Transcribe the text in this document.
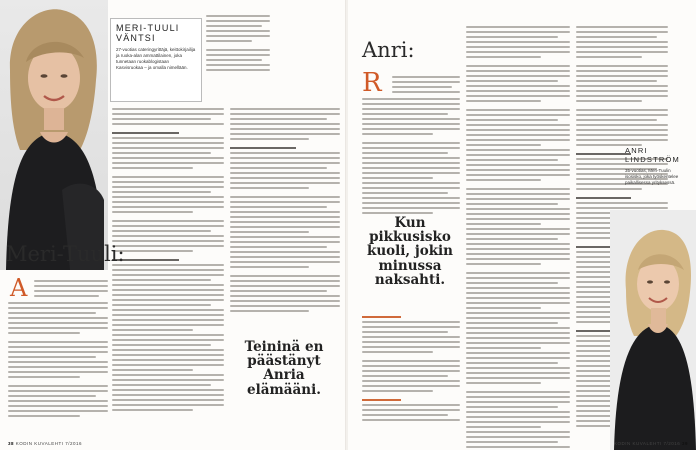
MERI-TUULI VÄNTSI
27-vuotias cateringyrittäjä, keittokirjailija ja ruoka-alan ammattilainen, joka tunnetaan ruokablogistaan Kasvisruokaa – ja omalla nimellään.
Teininä en päästänyt Anria elämääni.
Meri-Tuuli:
A
38 KODIN KUVALEHTI 7/2016
Anri:
R
Kun pikkusisko kuoli, jokin minussa naksahti.
ANRI LINDSTRÖM
35-vuotias, Meri-Tuulin isosisko, joka työskentelee paikallisessa yrityksessä.
KODIN KUVALEHTI 7/2016 39
